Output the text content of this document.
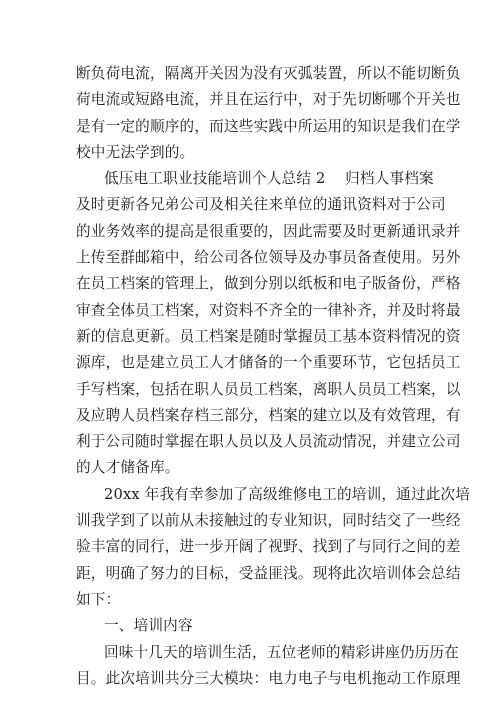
断负荷电流，隔离开关因为没有灭弧装置，所以不能切断负
荷电流或短路电流，并且在运行中，对于先切断哪个开关也
是有一定的顺序的，而这些实践中所运用的知识是我们在学
校中无法学到的。
低压电工职业技能培训个人总结 2　 归档人事档案
及时更新各兄弟公司及相关往来单位的通讯资料对于公司
的业务效率的提高是很重要的，因此需要及时更新通讯录并
上传至群邮箱中，给公司各位领导及办事员备查使用。另外
在员工档案的管理上，做到分别以纸板和电子版备份，严格
审查全体员工档案，对资料不齐全的一律补齐，并及时将最
新的信息更新。员工档案是随时掌握员工基本资料情况的资
源库，也是建立员工人才储备的一个重要环节，它包括员工
手写档案，包括在职人员员工档案，离职人员员工档案，以
及应聘人员档案存档三部分，档案的建立以及有效管理，有
利于公司随时掌握在职人员以及人员流动情况，并建立公司
的人才储备库。
20xx 年我有幸参加了高级维修电工的培训，通过此次培
训我学到了以前从未接触过的专业知识，同时结交了一些经
验丰富的同行，进一步开阔了视野、找到了与同行之间的差
距，明确了努力的目标，受益匪浅。现将此次培训体会总结
如下：
一、培训内容
回味十几天的培训生活，五位老师的精彩讲座仍历历在
目。此次培训共分三大模块：电力电子与电机拖动工作原理
